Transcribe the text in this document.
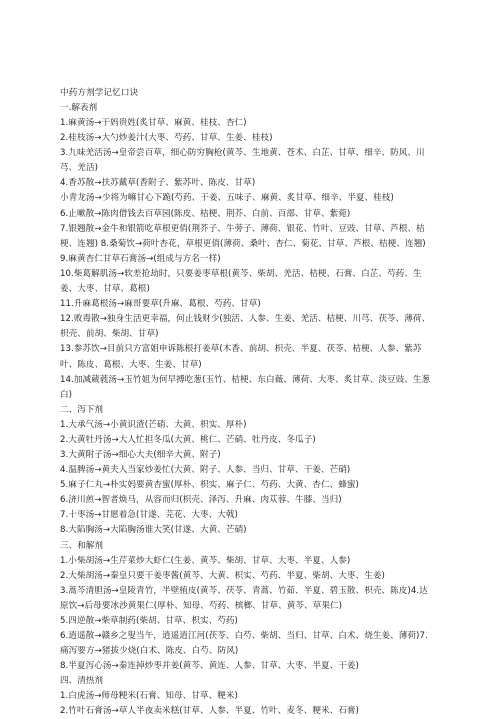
中药方剂学记忆口诀

一.解表剂

1.麻黄汤→干妈贵姓(炙甘草、麻黄、桂枝、杏仁)

2.桂枝汤→大勺炒姜汁(大枣、芍药、甘草、生姜、桂枝)

3.九味羌活汤→皇帝尝百草，细心防穷胸枪(黄芩、生地黄、苍术、白芷、甘草、细辛、防风、川芎、羌活)

4.香苏散→扶苏戴草(香附子、紫苏叶、陈皮、甘草)

小青龙汤→少将为嘛甘心下跪(芍药、干姜、五味子、麻黄、炙甘草、细辛、半夏、桂枝)

6.止嗽散→陈肉借钱去百草园(陈皮、桔梗、荆芥、白前、百部、甘草、紫菀)

7.银翘散→金牛和银箭吃草根更俏(荆芥子、牛蒡子、薄荷、银花、竹叶、豆豉、甘草、芦根、桔梗、连翘) 8.桑菊饮→荷叶杏花，草根更俏(薄荷、桑叶、杏仁、菊花、甘草、芦根、桔梗、连翘) 9.麻黄杏仁甘草石膏汤→(组成与方名一样)

10.柴葛解肌汤→软差抢劫时，只要姜枣草根(黄芩、柴胡、羌活、桔梗、石膏、白芷、芍药、生姜、大枣、甘草、葛根)

11.升麻葛根汤→麻哥要草(升麻、葛根、芍药、甘草)

12.败毒散→独身生活更幸福，何止钱财少(独活、人参、生姜、羌活、桔梗、川芎、茯苓、薄荷、枳壳、前胡、柴胡、甘草)

13.参苏饮→目前只方富姐申诉陈根打姜草(木香、前胡、枳壳、半夏、茯苓、桔梗、人参、紫苏叶、陈皮、葛根、大枣、生姜、甘草)

14.加减葳蕤汤→玉竹姐为何早搏吃葱(玉竹、桔梗、东白薇、薄荷、大枣、炙甘草、淡豆豉、生葱白)

二、泻下剂

1.大承气汤→小黄识渣(芒硝、大黄、枳实、厚朴)

2.大黄牡丹汤→大人忙担冬瓜(大黄、桃仁、芒硝、牡丹皮、冬瓜子)

3.大黄附子汤→细心大夫(细辛大黄、附子)

4.温脾汤→黄夫人当家炒姜忙(大黄、附子、人参、当归、甘草、干姜、芒硝)

5.麻子仁丸→朴实妈要黄杏蜜(厚朴、枳实、麻子仁、芍药、大黄、杏仁、蜂蜜)

6.济川煎→智者焕马，从容而归(枳壳、泽泻、升麻、肉苁蓉、牛膝、当归)

7.十枣汤→甘愿着急(甘遂、芫花、大枣、大戟)

8.大陷胸汤→大陷胸汤谁大笑(甘遂、大黄、芒硝)

三、和解剂

1.小柴胡汤→生芹菜炒大虾仁(生姜、黄芩、柴胡、甘草、大枣、半夏、人参)

2.大柴胡汤→秦皇只要干姜枣酱(黄芩、大黄、枳实、芍药、半夏、柴胡、大枣、生姜)

3.蒿芩清胆汤→皇陵青竹，半壁植皮(黄芩、茯苓、青蒿、竹茹、半夏、碧玉散、枳壳、陈皮)4.达原饮→后母要冰沙黄果仁(厚朴、知母、芍药、槟榔、甘草、黄芩、草果仁)

5.四逆散→柴草制药(柴胡、甘草、枳实、芍药)

6.逍遥散→赣乡之叟当午，逍遥逍江河(茯苓、白芍、柴胡、当归、甘草、白术、烧生姜、薄荷)7.痛泻要方→猪拔少烧(白术、陈皮、白芍、防风)

8.半夏泻心汤→秦连掉炒枣并姜(黄芩、黄连、人参、甘草、大枣、半夏、干姜)

四、清热剂

1.白虎汤→师母粳米(石膏、知母、甘草、粳米)

2.竹叶石膏汤→草人半夜卖米糕(甘草、人参、半夏、竹叶、麦冬、粳米、石膏)
